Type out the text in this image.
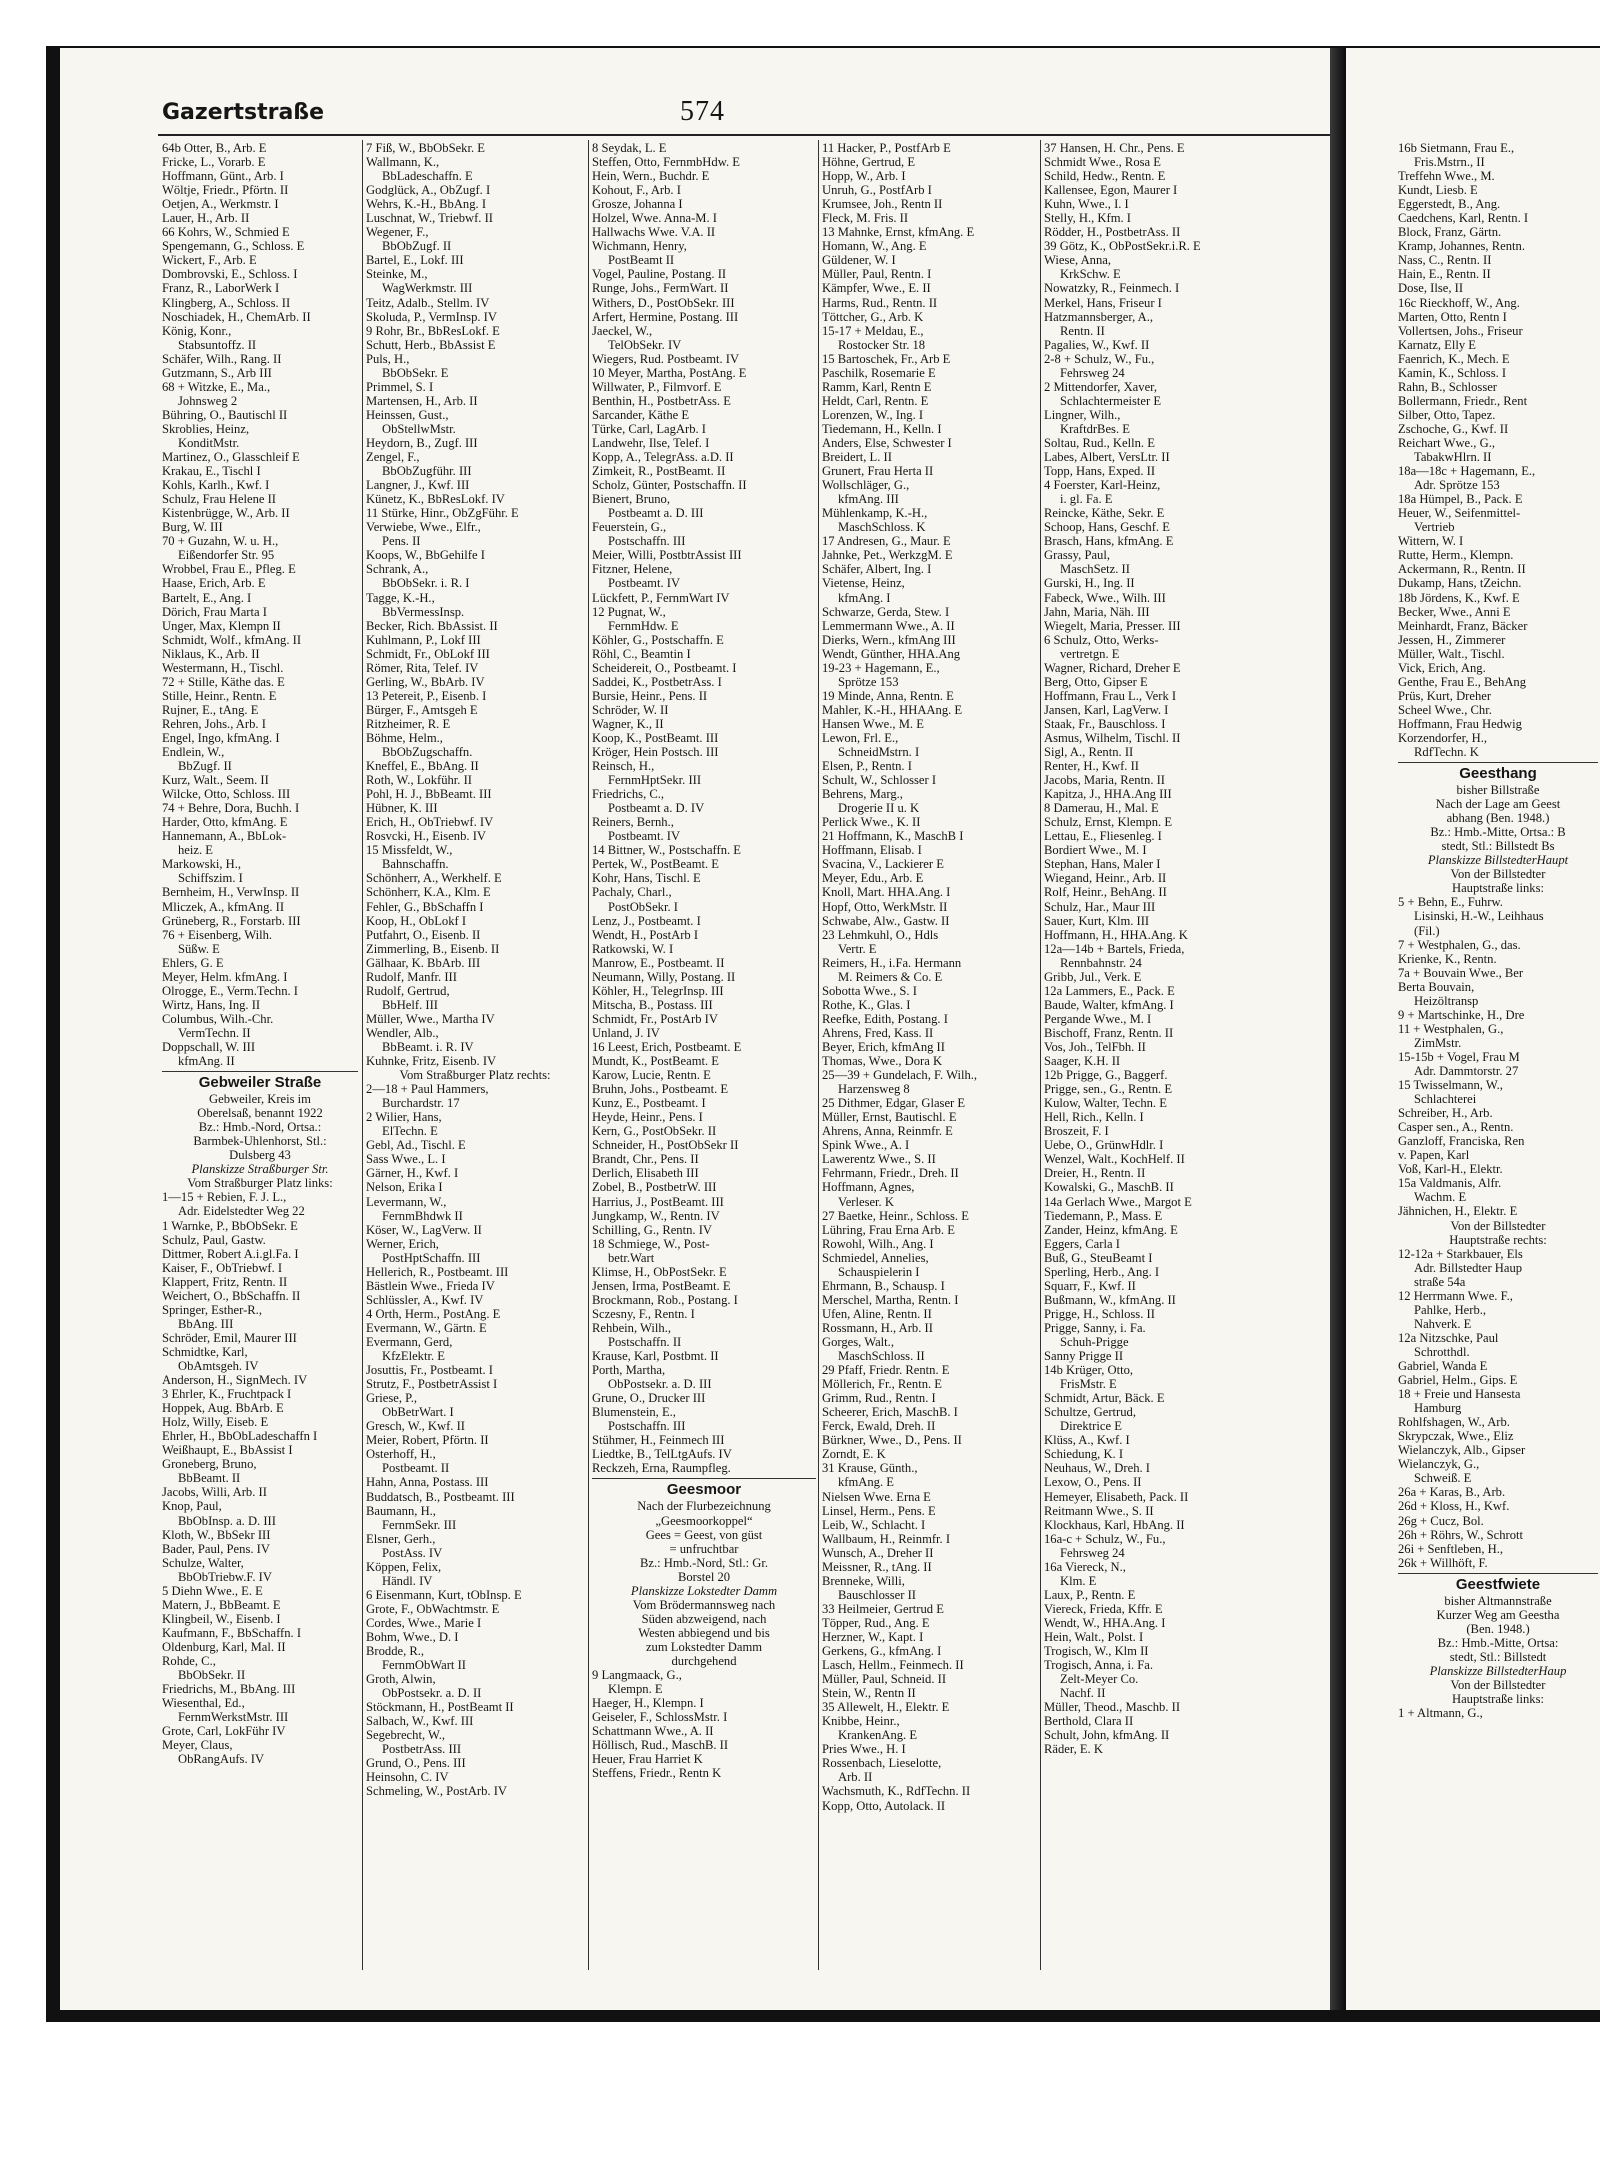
Gazertstraße	574
64b Otter, B., Arb. E
Fricke, L., Vorarb. E
Hoffmann, Günt., Arb. I
Wöltje, Friedr., Pförtn. II
Oetjen, A., Werkmstr. I
Lauer, H., Arb. II
66 Kohrs, W., Schmied E
Spengemann, G., Schloss. E
Wickert, F., Arb. E
Dombrovski, E., Schloss. I
Franz, R., LaborWerk I
Klingberg, A., Schloss. II
Noschiadek, H., ChemArb. II
König, Konr.,
Stabsuntoffz. II
Schäfer, Wilh., Rang. II
Gutzmann, S., Arb III
68 + Witzke, E., Ma.,
Johnsweg 2
Bühring, O., Bautischl II
Skroblies, Heinz,
KonditMstr.
Martinez, O., Glasschleif E
Krakau, E., Tischl I
Kohls, Karlh., Kwf. I
Schulz, Frau Helene II
Kistenbrügge, W., Arb. II
Burg, W. III
70 + Guzahn, W. u. H.,
Eißendorfer Str. 95
Wrobbel, Frau E., Pfleg. E
Haase, Erich, Arb. E
Bartelt, E., Ang. I
Dörich, Frau Marta I
Unger, Max, Klempn II
Schmidt, Wolf., kfmAng. II
Niklaus, K., Arb. II
Westermann, H., Tischl.
72 + Stille, Käthe das. E
Stille, Heinr., Rentn. E
Rujner, E., tAng. E
Rehren, Johs., Arb. I
Engel, Ingo, kfmAng. I
Endlein, W.,
BbZugf. II
Kurz, Walt., Seem. II
Wilcke, Otto, Schloss. III
74 + Behre, Dora, Buchh. I
Harder, Otto, kfmAng. E
Hannemann, A., BbLok-
heiz. E
Markowski, H.,
Schiffszim. I
Bernheim, H., VerwInsp. II
Mliczek, A., kfmAng. II
Grüneberg, R., Forstarb. III
76 + Eisenberg, Wilh.
Süßw. E
Ehlers, G. E
Meyer, Helm. kfmAng. I
Olrogge, E., Verm.Techn. I
Wirtz, Hans, Ing. II
Columbus, Wilh.-Chr.
VermTechn. II
Doppschall, W. III
kfmAng. II
Gebweiler Straße
Gebweiler, Kreis im
Oberelsaß, benannt 1922
Bz.: Hmb.-Nord, Ortsa.:
Barmbek-Uhlenhorst, Stl.:
Dulsberg 43
Planskizze Straßburger Str.
Vom Straßburger Platz links:
1—15 + Rebien, F. J. L.,
Adr. Eidelstedter Weg 22
1 Warnke, P., BbObSekr. E
Schulz, Paul, Gastw.
Dittmer, Robert A.i.gl.Fa. I
Kaiser, F., ObTriebwf. I
Klappert, Fritz, Rentn. II
Weichert, O., BbSchaffn. II
Springer, Esther-R.,
BbAng. III
Schröder, Emil, Maurer III
Schmidtke, Karl,
ObAmtsgeh. IV
Anderson, H., SignMech. IV
3 Ehrler, K., Fruchtpack I
Hoppek, Aug. BbArb. E
Holz, Willy, Eiseb. E
Ehrler, H., BbObLadeschaffn I
Weißhaupt, E., BbAssist I
Groneberg, Bruno,
BbBeamt. II
Jacobs, Willi, Arb. II
Knop, Paul,
BbObInsp. a. D. III
Kloth, W., BbSekr III
Bader, Paul, Pens. IV
Schulze, Walter,
BbObTriebw.F. IV
5 Diehn Wwe., E. E
Matern, J., BbBeamt. E
Klingbeil, W., Eisenb. I
Kaufmann, F., BbSchaffn. I
Oldenburg, Karl, Mal. II
Rohde, C.,
BbObSekr. II
Friedrichs, M., BbAng. III
Wiesenthal, Ed.,
FernmWerkstMstr. III
Grote, Carl, LokFühr IV
Meyer, Claus,
ObRangAufs. IV
7 Fiß, W., BbObSekr. E
Wallmann, K.,
BbLadeschaffn. E
Godglück, A., ObZugf. I
Wehrs, K.-H., BbAng. I
Luschnat, W., Triebwf. II
Wegener, F.,
BbObZugf. II
Bartel, E., Lokf. III
Steinke, M.,
WagWerkmstr. III
Teitz, Adalb., Stellm. IV
Skoluda, P., VermInsp. IV
9 Rohr, Br., BbResLokf. E
Schutt, Herb., BbAssist E
Puls, H.,
BbObSekr. E
Primmel, S. I
Martensen, H., Arb. II
Heinssen, Gust.,
ObStellwMstr.
Heydorn, B., Zugf. III
Zengel, F.,
BbObZugführ. III
Langner, J., Kwf. III
Künetz, K., BbResLokf. IV
11 Stürke, Hinr., ObZgFühr. E
Verwiebe, Wwe., Elfr.,
Pens. II
Koops, W., BbGehilfe I
Schrank, A.,
BbObSekr. i. R. I
Tagge, K.-H.,
BbVermessInsp.
Becker, Rich. BbAssist. II
Kuhlmann, P., Lokf III
Schmidt, Fr., ObLokf III
Römer, Rita, Telef. IV
Gerling, W., BbArb. IV
13 Petereit, P., Eisenb. I
Bürger, F., Amtsgeh E
Ritzheimer, R. E
Böhme, Helm.,
BbObZugschaffn.
Kneffel, E., BbAng. II
Roth, W., Lokführ. II
Pohl, H. J., BbBeamt. III
Hübner, K. III
Erich, H., ObTriebwf. IV
Rosvcki, H., Eisenb. IV
15 Missfeldt, W.,
Bahnschaffn.
Schönherr, A., Werkhelf. E
Schönherr, K.A., Klm. E
Fehler, G., BbSchaffn I
Koop, H., ObLokf I
Putfahrt, O., Eisenb. II
Zimmerling, B., Eisenb. II
Gälhaar, K. BbArb. III
Rudolf, Manfr. III
Rudolf, Gertrud,
BbHelf. III
Müller, Wwe., Martha IV
Wendler, Alb.,
BbBeamt. i. R. IV
Kuhnke, Fritz, Eisenb. IV
Vom Straßburger Platz rechts:
2—18 + Paul Hammers,
Burchardstr. 17
2 Wilier, Hans,
ElTechn. E
Gebl, Ad., Tischl. E
Sass Wwe., L. I
Gärner, H., Kwf. I
Nelson, Erika I
Levermann, W.,
FernmBhdwk II
Köser, W., LagVerw. II
Werner, Erich,
PostHptSchaffn. III
Hellerich, R., Postbeamt. III
Bästlein Wwe., Frieda IV
Schlüssler, A., Kwf. IV
4 Orth, Herm., PostAng. E
Evermann, W., Gärtn. E
Evermann, Gerd,
KfzElektr. E
Josuttis, Fr., Postbeamt. I
Strutz, F., PostbetrAssist I
Griese, P.,
ObBetrWart. I
Gresch, W., Kwf. II
Meier, Robert, Pförtn. II
Osterhoff, H.,
Postbeamt. II
Hahn, Anna, Postass. III
Buddatsch, B., Postbeamt. III
Baumann, H.,
FernmSekr. III
Elsner, Gerh.,
PostAss. IV
Köppen, Felix,
Händl. IV
6 Eisenmann, Kurt, tObInsp. E
Grote, F., ObWachtmstr. E
Cordes, Wwe., Marie I
Bohm, Wwe., D. I
Brodde, R.,
FernmObWart II
Groth, Alwin,
ObPostsekr. a. D. II
Stöckmann, H., PostBeamt II
Salbach, W., Kwf. III
Segebrecht, W.,
PostbetrAss. III
Grund, O., Pens. III
Heinsohn, C. IV
Schmeling, W., PostArb. IV
8 Seydak, L. E
Steffen, Otto, FernmbHdw. E
Hein, Wern., Buchdr. E
Kohout, F., Arb. I
Grosze, Johanna I
Holzel, Wwe. Anna-M. I
Hallwachs Wwe. V.A. II
Wichmann, Henry,
PostBeamt II
Vogel, Pauline, Postang. II
Runge, Johs., FermWart. II
Withers, D., PostObSekr. III
Arfert, Hermine, Postang. III
Jaeckel, W.,
TelObSekr. IV
Wiegers, Rud. Postbeamt. IV
10 Meyer, Martha, PostAng. E
Willwater, P., Filmvorf. E
Benthin, H., PostbetrAss. E
Sarcander, Käthe E
Türke, Carl, LagArb. I
Landwehr, Ilse, Telef. I
Kopp, A., TelegrAss. a.D. II
Zimkeit, R., PostBeamt. II
Scholz, Günter, Postschaffn. II
Bienert, Bruno,
Postbeamt a. D. III
Feuerstein, G.,
Postschaffn. III
Meier, Willi, PostbtrAssist III
Fitzner, Helene,
Postbeamt. IV
Lückfett, P., FernmWart IV
12 Pugnat, W.,
FernmHdw. E
Köhler, G., Postschaffn. E
Röhl, C., Beamtin I
Scheidereit, O., Postbeamt. I
Saddei, K., PostbetrAss. I
Bursie, Heinr., Pens. II
Schröder, W. II
Wagner, K., II
Koop, K., PostBeamt. III
Kröger, Hein Postsch. III
Reinsch, H.,
FernmHptSekr. III
Friedrichs, C.,
Postbeamt a. D. IV
Reiners, Bernh.,
Postbeamt. IV
14 Bittner, W., Postschaffn. E
Pertek, W., PostBeamt. E
Kohr, Hans, Tischl. E
Pachaly, Charl.,
PostObSekr. I
Lenz, J., Postbeamt. I
Wendt, H., PostArb I
Ratkowski, W. I
Manrow, E., Postbeamt. II
Neumann, Willy, Postang. II
Köhler, H., TelegrInsp. III
Mitscha, B., Postass. III
Schmidt, Fr., PostArb IV
Unland, J. IV
16 Leest, Erich, Postbeamt. E
Mundt, K., PostBeamt. E
Karow, Lucie, Rentn. E
Bruhn, Johs., Postbeamt. E
Kunz, E., Postbeamt. I
Heyde, Heinr., Pens. I
Kern, G., PostObSekr. II
Schneider, H., PostObSekr II
Brandt, Chr., Pens. II
Derlich, Elisabeth III
Zobel, B., PostbetrW. III
Harrius, J., PostBeamt. III
Jungkamp, W., Rentn. IV
Schilling, G., Rentn. IV
18 Schmiege, W., Post-
betr.Wart
Klimse, H., ObPostSekr. E
Jensen, Irma, PostBeamt. E
Brockmann, Rob., Postang. I
Sczesny, F., Rentn. I
Rehbein, Wilh.,
Postschaffn. II
Krause, Karl, Postbmt. II
Porth, Martha,
ObPostsekr. a. D. III
Grune, O., Drucker III
Blumenstein, E.,
Postschaffn. III
Stühmer, H., Feinmech III
Liedtke, B., TelLtgAufs. IV
Reckzeh, Erna, Raumpfleg.
Geesmoor
Nach der Flurbezeichnung
„Geesmoorkoppel“
Gees = Geest, von güst
= unfruchtbar
Bz.: Hmb.-Nord, Stl.: Gr.
Borstel 20
Planskizze Lokstedter Damm
Vom Brödermannsweg nach
Süden abzweigend, nach
Westen abbiegend und bis
zum Lokstedter Damm
durchgehend
9 Langmaack, G.,
Klempn. E
Haeger, H., Klempn. I
Geiseler, F., SchlossMstr. I
Schattmann Wwe., A. II
Höllisch, Rud., MaschB. II
Heuer, Frau Harriet K
Steffens, Friedr., Rentn K
11 Hacker, P., PostfArb E
Höhne, Gertrud, E
Hopp, W., Arb. I
Unruh, G., PostfArb I
Krumsee, Joh., Rentn II
Fleck, M. Fris. II
13 Mahnke, Ernst, kfmAng. E
Homann, W., Ang. E
Güldener, W. I
Müller, Paul, Rentn. I
Kämpfer, Wwe., E. II
Harms, Rud., Rentn. II
Töttcher, G., Arb. K
15-17 + Meldau, E.,
Rostocker Str. 18
15 Bartoschek, Fr., Arb E
Paschilk, Rosemarie E
Ramm, Karl, Rentn E
Heldt, Carl, Rentn. E
Lorenzen, W., Ing. I
Tiedemann, H., Kelln. I
Anders, Else, Schwester I
Breidert, L. II
Grunert, Frau Herta II
Wollschläger, G.,
kfmAng. III
Mühlenkamp, K.-H.,
MaschSchloss. K
17 Andresen, G., Maur. E
Jahnke, Pet., WerkzgM. E
Schäfer, Albert, Ing. I
Vietense, Heinz,
kfmAng. I
Schwarze, Gerda, Stew. I
Lemmermann Wwe., A. II
Dierks, Wern., kfmAng III
Wendt, Günther, HHA.Ang
19-23 + Hagemann, E.,
Sprötze 153
19 Minde, Anna, Rentn. E
Mahler, K.-H., HHAAng. E
Hansen Wwe., M. E
Lewon, Frl. E.,
SchneidMstrn. I
Elsen, P., Rentn. I
Schult, W., Schlosser I
Behrens, Marg.,
Drogerie II u. K
Perlick Wwe., K. II
21 Hoffmann, K., MaschB I
Hoffmann, Elisab. I
Svacina, V., Lackierer E
Meyer, Edu., Arb. E
Knoll, Mart. HHA.Ang. I
Hopf, Otto, WerkMstr. II
Schwabe, Alw., Gastw. II
23 Lehmkuhl, O., Hdls
Vertr. E
Reimers, H., i.Fa. Hermann
M. Reimers & Co. E
Sobotta Wwe., S. I
Rothe, K., Glas. I
Reefke, Edith, Postang. I
Ahrens, Fred, Kass. II
Beyer, Erich, kfmAng II
Thomas, Wwe., Dora K
25—39 + Gundelach, F. Wilh.,
Harzensweg 8
25 Dithmer, Edgar, Glaser E
Müller, Ernst, Bautischl. E
Ahrens, Anna, Reinmfr. E
Spink Wwe., A. I
Lawerentz Wwe., S. II
Fehrmann, Friedr., Dreh. II
Hoffmann, Agnes,
Verleser. K
27 Baetke, Heinr., Schloss. E
Lühring, Frau Erna Arb. E
Rowohl, Wilh., Ang. I
Schmiedel, Annelies,
Schauspielerin I
Ehrmann, B., Schausp. I
Merschel, Martha, Rentn. I
Ufen, Aline, Rentn. II
Rossmann, H., Arb. II
Gorges, Walt.,
MaschSchloss. II
29 Pfaff, Friedr. Rentn. E
Möllerich, Fr., Rentn. E
Grimm, Rud., Rentn. I
Scheerer, Erich, MaschB. I
Ferck, Ewald, Dreh. II
Bürkner, Wwe., D., Pens. II
Zorndt, E. K
31 Krause, Günth.,
kfmAng. E
Nielsen Wwe. Erna E
Linsel, Herm., Pens. E
Leib, W., Schlacht. I
Wallbaum, H., Reinmfr. I
Wunsch, A., Dreher II
Meissner, R., tAng. II
Brenneke, Willi,
Bauschlosser II
33 Heilmeier, Gertrud E
Töpper, Rud., Ang. E
Herzner, W., Kapt. I
Gerkens, G., kfmAng. I
Lasch, Hellm., Feinmech. II
Müller, Paul, Schneid. II
Stein, W., Rentn II
35 Allewelt, H., Elektr. E
Knibbe, Heinr.,
KrankenAng. E
Pries Wwe., H. I
Rossenbach, Lieselotte,
Arb. II
Wachsmuth, K., RdfTechn. II
Kopp, Otto, Autolack. II
37 Hansen, H. Chr., Pens. E
Schmidt Wwe., Rosa E
Schild, Hedw., Rentn. E
Kallensee, Egon, Maurer I
Kuhn, Wwe., I. I
Stelly, H., Kfm. I
Rödder, H., PostbetrAss. II
39 Götz, K., ObPostSekr.i.R. E
Wiese, Anna,
KrkSchw. E
Nowatzky, R., Feinmech. I
Merkel, Hans, Friseur I
Hatzmannsberger, A.,
Rentn. II
Pagalies, W., Kwf. II
2-8 + Schulz, W., Fu.,
Fehrsweg 24
2 Mittendorfer, Xaver,
Schlachtermeister E
Lingner, Wilh.,
KraftdrBes. E
Soltau, Rud., Kelln. E
Labes, Albert, VersLtr. II
Topp, Hans, Exped. II
4 Foerster, Karl-Heinz,
i. gl. Fa. E
Reincke, Käthe, Sekr. E
Schoop, Hans, Geschf. E
Brasch, Hans, kfmAng. E
Grassy, Paul,
MaschSetz. II
Gurski, H., Ing. II
Fabeck, Wwe., Wilh. III
Jahn, Maria, Näh. III
Wiegelt, Maria, Presser. III
6 Schulz, Otto, Werks-
vertretgn. E
Wagner, Richard, Dreher E
Berg, Otto, Gipser E
Hoffmann, Frau L., Verk I
Jansen, Karl, LagVerw. I
Staak, Fr., Bauschloss. I
Asmus, Wilhelm, Tischl. II
Sigl, A., Rentn. II
Renter, H., Kwf. II
Jacobs, Maria, Rentn. II
Kapitza, J., HHA.Ang III
8 Damerau, H., Mal. E
Schulz, Ernst, Klempn. E
Lettau, E., Fliesenleg. I
Bordiert Wwe., M. I
Stephan, Hans, Maler I
Wiegand, Heinr., Arb. II
Rolf, Heinr., BehAng. II
Schulz, Har., Maur III
Sauer, Kurt, Klm. III
Hoffmann, H., HHA.Ang. K
12a—14b + Bartels, Frieda,
Rennbahnstr. 24
Gribb, Jul., Verk. E
12a Lammers, E., Pack. E
Baude, Walter, kfmAng. I
Pergande Wwe., M. I
Bischoff, Franz, Rentn. II
Vos, Joh., TelFbh. II
Saager, K.H. II
12b Prigge, G., Baggerf.
Prigge, sen., G., Rentn. E
Kulow, Walter, Techn. E
Hell, Rich., Kelln. I
Broszeit, F. I
Uebe, O., GrünwHdlr. I
Wenzel, Walt., KochHelf. II
Dreier, H., Rentn. II
Kowalski, G., MaschB. II
14a Gerlach Wwe., Margot E
Tiedemann, P., Mass. E
Zander, Heinz, kfmAng. E
Eggers, Carla I
Buß, G., SteuBeamt I
Sperling, Herb., Ang. I
Squarr, F., Kwf. II
Bußmann, W., kfmAng. II
Prigge, H., Schloss. II
Prigge, Sanny, i. Fa.
Schuh-Prigge
Sanny Prigge II
14b Krüger, Otto,
FrisMstr. E
Schmidt, Artur, Bäck. E
Schultze, Gertrud,
Direktrice E
Klüss, A., Kwf. I
Schiedung, K. I
Neuhaus, W., Dreh. I
Lexow, O., Pens. II
Hemeyer, Elisabeth, Pack. II
Reitmann Wwe., S. II
Klockhaus, Karl, HbAng. II
16a-c + Schulz, W., Fu.,
Fehrsweg 24
16a Viereck, N.,
Klm. E
Laux, P., Rentn. E
Viereck, Frieda, Kffr. E
Wendt, W., HHA.Ang. I
Hein, Walt., Polst. I
Trogisch, W., Klm II
Trogisch, Anna, i. Fa.
Zelt-Meyer Co.
Nachf. II
Müller, Theod., Maschb. II
Berthold, Clara II
Schult, John, kfmAng. II
Räder, E. K
16b Sietmann, Frau E.,
Fris.Mstrn., II
Treffehn Wwe., M.
Kundt, Liesb. E
Eggerstedt, B., Ang.
Caedchens, Karl, Rentn. I
Block, Franz, Gärtn.
Kramp, Johannes, Rentn.
Nass, C., Rentn. II
Hain, E., Rentn. II
Dose, Ilse, II
16c Rieckhoff, W., Ang.
Marten, Otto, Rentn I
Vollertsen, Johs., Friseur
Karnatz, Elly E
Faenrich, K., Mech. E
Kamin, K., Schloss. I
Rahn, B., Schlosser
Bollermann, Friedr., Rent
Silber, Otto, Tapez.
Zschoche, G., Kwf. II
Reichart Wwe., G.,
TabakwHlrn. II
18a—18c + Hagemann, E.,
Adr. Sprötze 153
18a Hümpel, B., Pack. E
Heuer, W., Seifenmittel-
Vertrieb
Wittern, W. I
Rutte, Herm., Klempn.
Ackermann, R., Rentn. II
Dukamp, Hans, tZeichn.
18b Jördens, K., Kwf. E
Becker, Wwe., Anni E
Meinhardt, Franz, Bäcker
Jessen, H., Zimmerer
Müller, Walt., Tischl.
Vick, Erich, Ang.
Genthe, Frau E., BehAng
Prüs, Kurt, Dreher
Scheel Wwe., Chr.
Hoffmann, Frau Hedwig
Korzendorfer, H.,
RdfTechn. K
Geesthang
bisher Billstraße
Nach der Lage am Geest
abhang (Ben. 1948.)
Bz.: Hmb.-Mitte, Ortsa.: B
stedt, Stl.: Billstedt Bs
Planskizze BillstedterHaupt
Von der Billstedter
Hauptstraße links:
5 + Behn, E., Fuhrw.
Lisinski, H.-W., Leihhaus
(Fil.)
7 + Westphalen, G., das.
Krienke, K., Rentn.
7a + Bouvain Wwe., Ber
Berta Bouvain,
Heizöltransp
9 + Martschinke, H., Dre
11 + Westphalen, G.,
ZimMstr.
15-15b + Vogel, Frau M
Adr. Dammtorstr. 27
15 Twisselmann, W.,
Schlachterei
Schreiber, H., Arb.
Casper sen., A., Rentn.
Ganzloff, Franciska, Ren
v. Papen, Karl
Voß, Karl-H., Elektr.
15a Valdmanis, Alfr.
Wachm. E
Jähnichen, H., Elektr. E
Von der Billstedter
Hauptstraße rechts:
12-12a + Starkbauer, Els
Adr. Billstedter Haup
straße 54a
12 Herrmann Wwe. F.,
Pahlke, Herb.,
Nahverk. E
12a Nitzschke, Paul
Schrotthdl.
Gabriel, Wanda E
Gabriel, Helm., Gips. E
18 + Freie und Hansesta
Hamburg
Rohlfshagen, W., Arb.
Skrypczak, Wwe., Eliz
Wielanczyk, Alb., Gipser
Wielanczyk, G.,
Schweiß. E
26a + Karas, B., Arb.
26d + Kloss, H., Kwf.
26g + Cucz, Bol.
26h + Röhrs, W., Schrott
26i + Senftleben, H.,
26k + Willhöft, F.
Geestfwiete
bisher Altmannstraße
Kurzer Weg am Geestha
(Ben. 1948.)
Bz.: Hmb.-Mitte, Ortsa:
stedt, Stl.: Billstedt
Planskizze BillstedterHaup
Von der Billstedter
Hauptstraße links:
1 + Altmann, G.,
